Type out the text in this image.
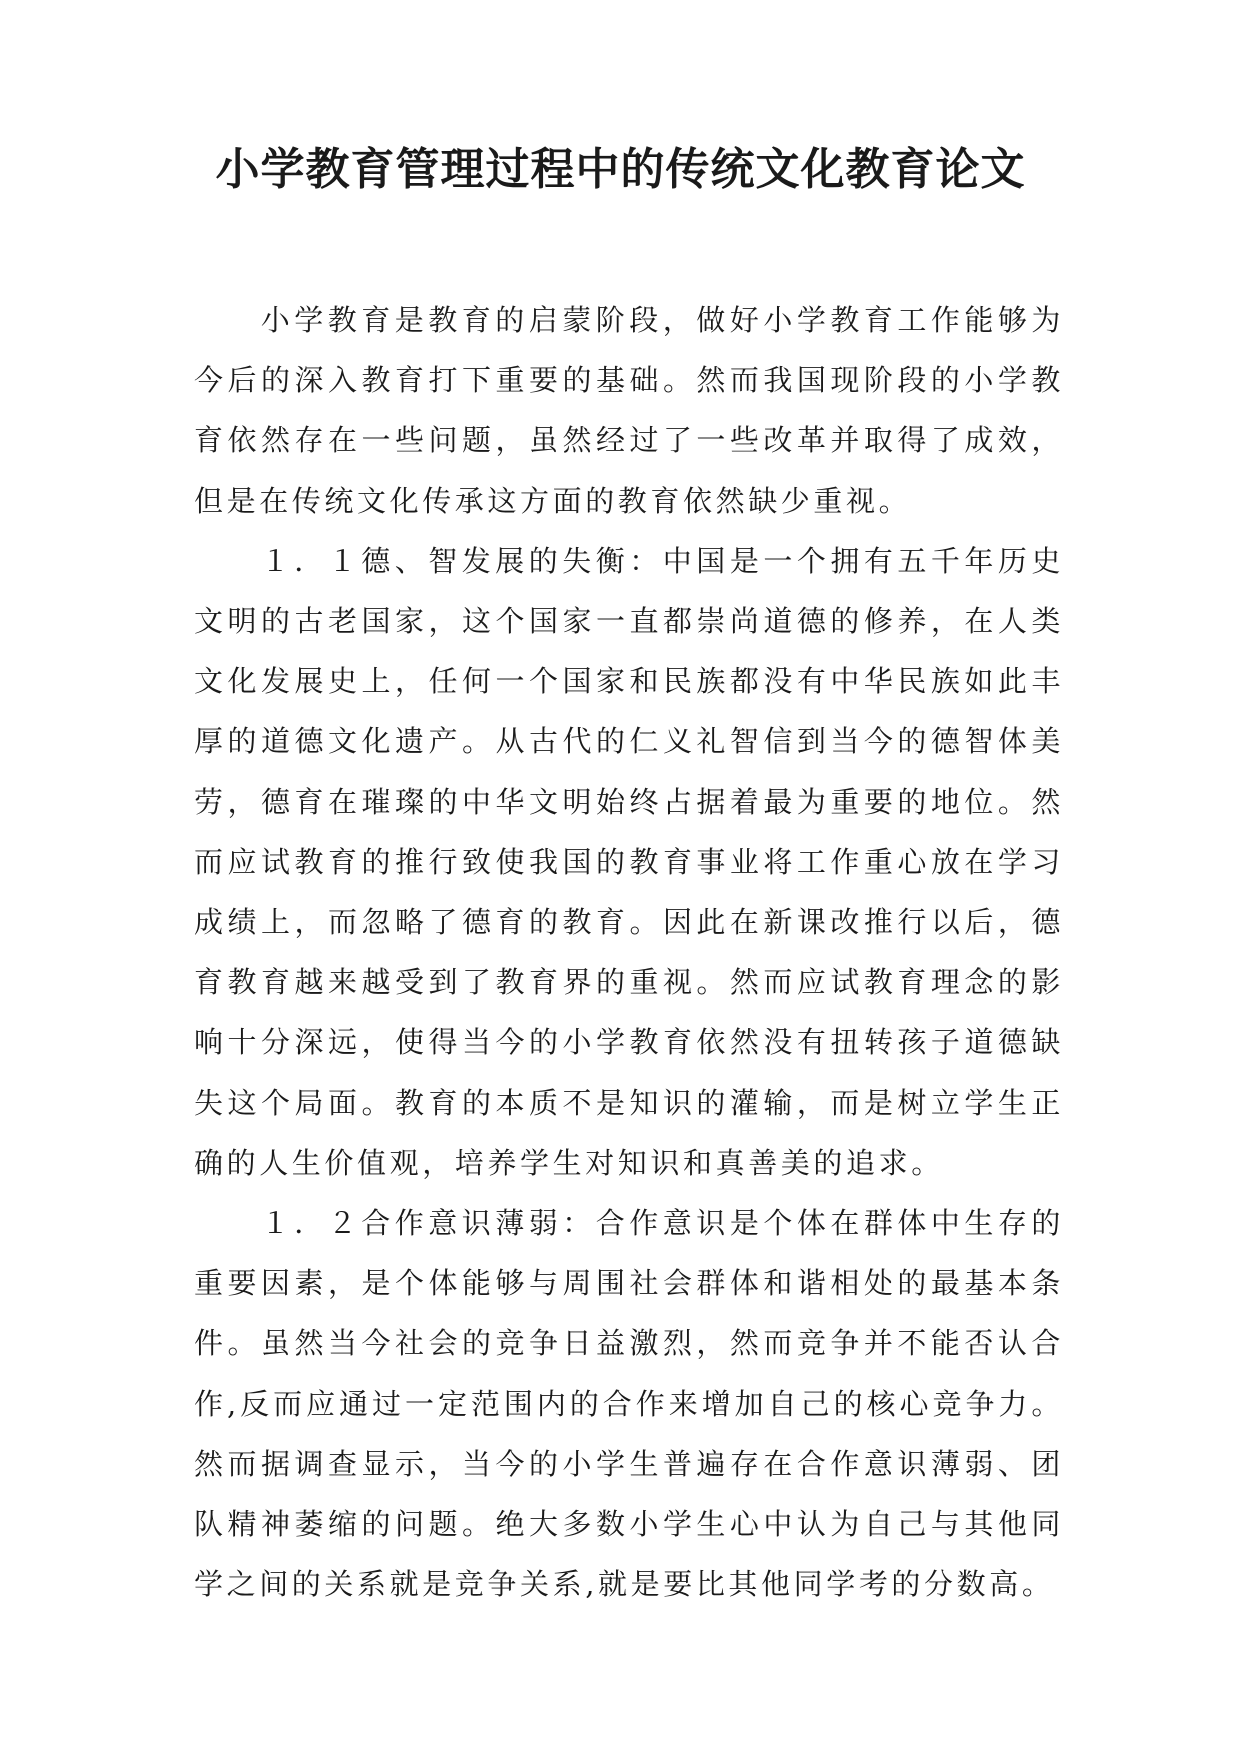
小学教育管理过程中的传统文化教育论文

小学教育是教育的启蒙阶段，做好小学教育工作能够为今后的深入教育打下重要的基础。然而我国现阶段的小学教育依然存在一些问题，虽然经过了一些改革并取得了成效，但是在传统文化传承这方面的教育依然缺少重视。

１．１德、智发展的失衡：中国是一个拥有五千年历史文明的古老国家，这个国家一直都崇尚道德的修养，在人类文化发展史上，任何一个国家和民族都没有中华民族如此丰厚的道德文化遗产。从古代的仁义礼智信到当今的德智体美劳，德育在璀璨的中华文明始终占据着最为重要的地位。然而应试教育的推行致使我国的教育事业将工作重心放在学习成绩上，而忽略了德育的教育。因此在新课改推行以后，德育教育越来越受到了教育界的重视。然而应试教育理念的影响十分深远，使得当今的小学教育依然没有扭转孩子道德缺失这个局面。教育的本质不是知识的灌输，而是树立学生正确的人生价值观，培养学生对知识和真善美的追求。

１．２合作意识薄弱：合作意识是个体在群体中生存的重要因素，是个体能够与周围社会群体和谐相处的最基本条件。虽然当今社会的竞争日益激烈，然而竞争并不能否认合作,反而应通过一定范围内的合作来增加自己的核心竞争力。然而据调查显示，当今的小学生普遍存在合作意识薄弱、团队精神萎缩的问题。绝大多数小学生心中认为自己与其他同学之间的关系就是竞争关系,就是要比其他同学考的分数高。
